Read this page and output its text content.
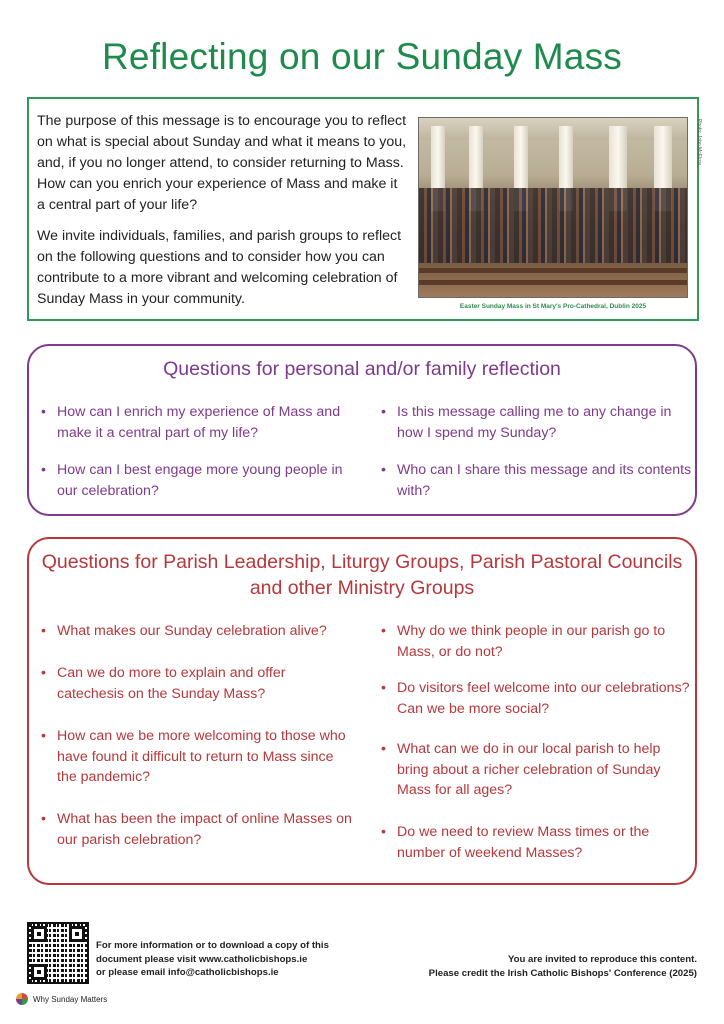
Reflecting on our Sunday Mass

The purpose of this message is to encourage you to reflect on what is special about Sunday and what it means to you, and, if you no longer attend, to consider returning to Mass. How can you enrich your experience of Mass and make it a central part of your life?

We invite individuals, families, and parish groups to reflect on the following questions and to consider how you can contribute to a more vibrant and welcoming celebration of Sunday Mass in your community.

Photo: John McElroy
Easter Sunday Mass in St Mary's Pro-Cathedral, Dublin 2025
Questions for personal and/or family reflection
• How can I enrich my experience of Mass and make it a central part of my life?
• Is this message calling me to any change in how I spend my Sunday?
• How can I best engage more young people in our celebration?
• Who can I share this message and its contents with?
Questions for Parish Leadership, Liturgy Groups, Parish Pastoral Councils
and other Ministry Groups
• What makes our Sunday celebration alive?	• Why do we think people in our parish go to Mass, or do not?
• Can we do more to explain and offer catechesis on the Sunday Mass?	• Do visitors feel welcome into our celebrations? Can we be more social?
• How can we be more welcoming to those who have found it difficult to return to Mass since the pandemic?
• What can we do in our local parish to help bring about a richer celebration of Sunday Mass for all ages?
• What has been the impact of online Masses on our parish celebration?	• Do we need to review Mass times or the number of weekend Masses?
For more information or to download a copy of this
document please visit www.catholicbishops.ie
or please email info@catholicbishops.ie
You are invited to reproduce this content.
Please credit the Irish Catholic Bishops' Conference (2025)
Why Sunday Matters
